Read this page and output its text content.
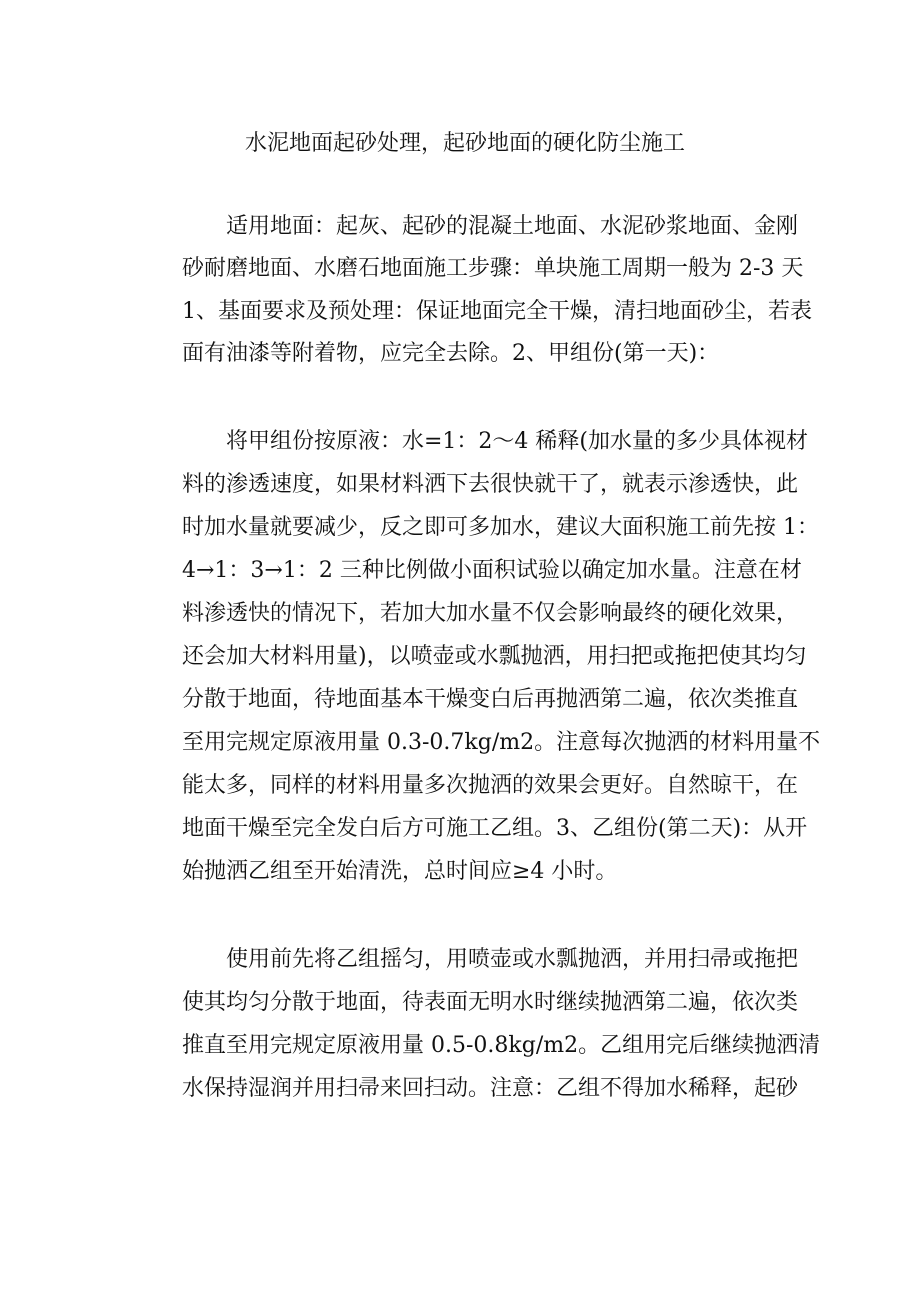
水泥地面起砂处理，起砂地面的硬化防尘施工
适用地面：起灰、起砂的混凝土地面、水泥砂浆地面、金刚
砂耐磨地面、水磨石地面施工步骤：单块施工周期一般为 2-3 天
1、基面要求及预处理：保证地面完全干燥，清扫地面砂尘，若表
面有油漆等附着物，应完全去除。2、甲组份(第一天)：
将甲组份按原液：水=1：2～4 稀释(加水量的多少具体视材
料的渗透速度，如果材料洒下去很快就干了，就表示渗透快，此
时加水量就要减少，反之即可多加水，建议大面积施工前先按 1：
4→1：3→1：2 三种比例做小面积试验以确定加水量。注意在材
料渗透快的情况下，若加大加水量不仅会影响最终的硬化效果，
还会加大材料用量)，以喷壶或水瓢抛洒，用扫把或拖把使其均匀
分散于地面，待地面基本干燥变白后再抛洒第二遍，依次类推直
至用完规定原液用量 0.3-0.7kg/m2。注意每次抛洒的材料用量不
能太多，同样的材料用量多次抛洒的效果会更好。自然晾干，在
地面干燥至完全发白后方可施工乙组。3、乙组份(第二天)：从开
始抛洒乙组至开始清洗，总时间应≥4 小时。
使用前先将乙组摇匀，用喷壶或水瓢抛洒，并用扫帚或拖把
使其均匀分散于地面，待表面无明水时继续抛洒第二遍，依次类
推直至用完规定原液用量 0.5-0.8kg/m2。乙组用完后继续抛洒清
水保持湿润并用扫帚来回扫动。注意：乙组不得加水稀释，起砂
